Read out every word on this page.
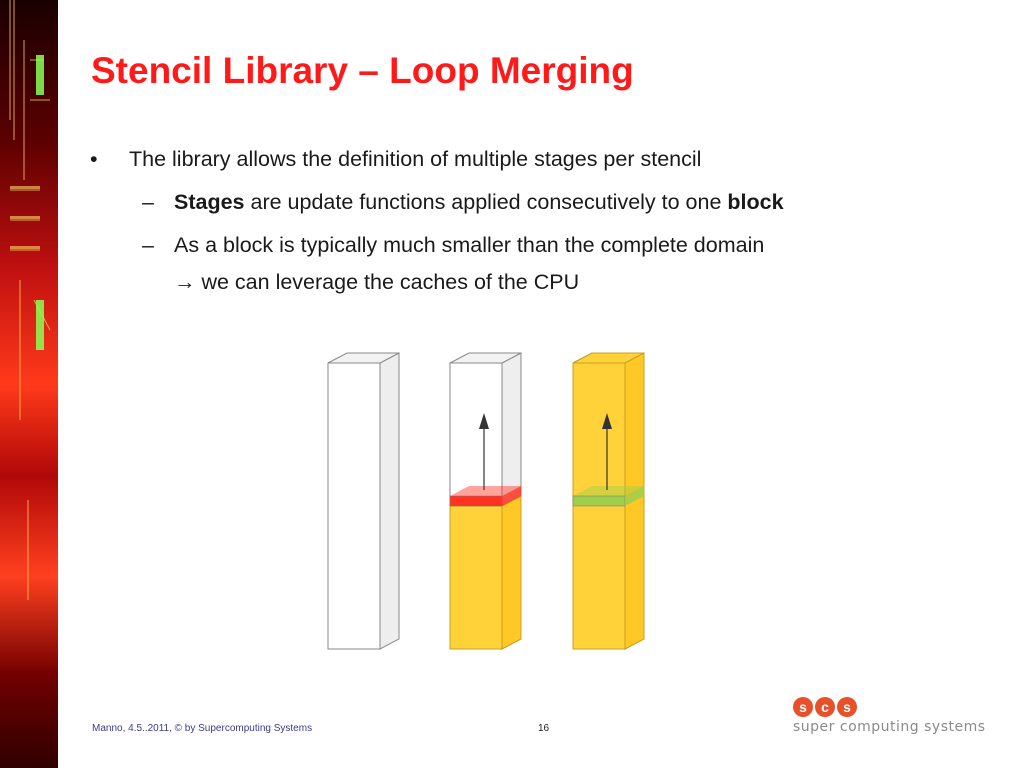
Stencil Library – Loop Merging
• The library allows the definition of multiple stages per stencil
– Stages are update functions applied consecutively to one block
– As a block is typically much smaller than the complete domain
→ we can leverage the caches of the CPU
Manno, 4.5..2011, © by Supercomputing Systems	16
s	c	s
super computing systems
